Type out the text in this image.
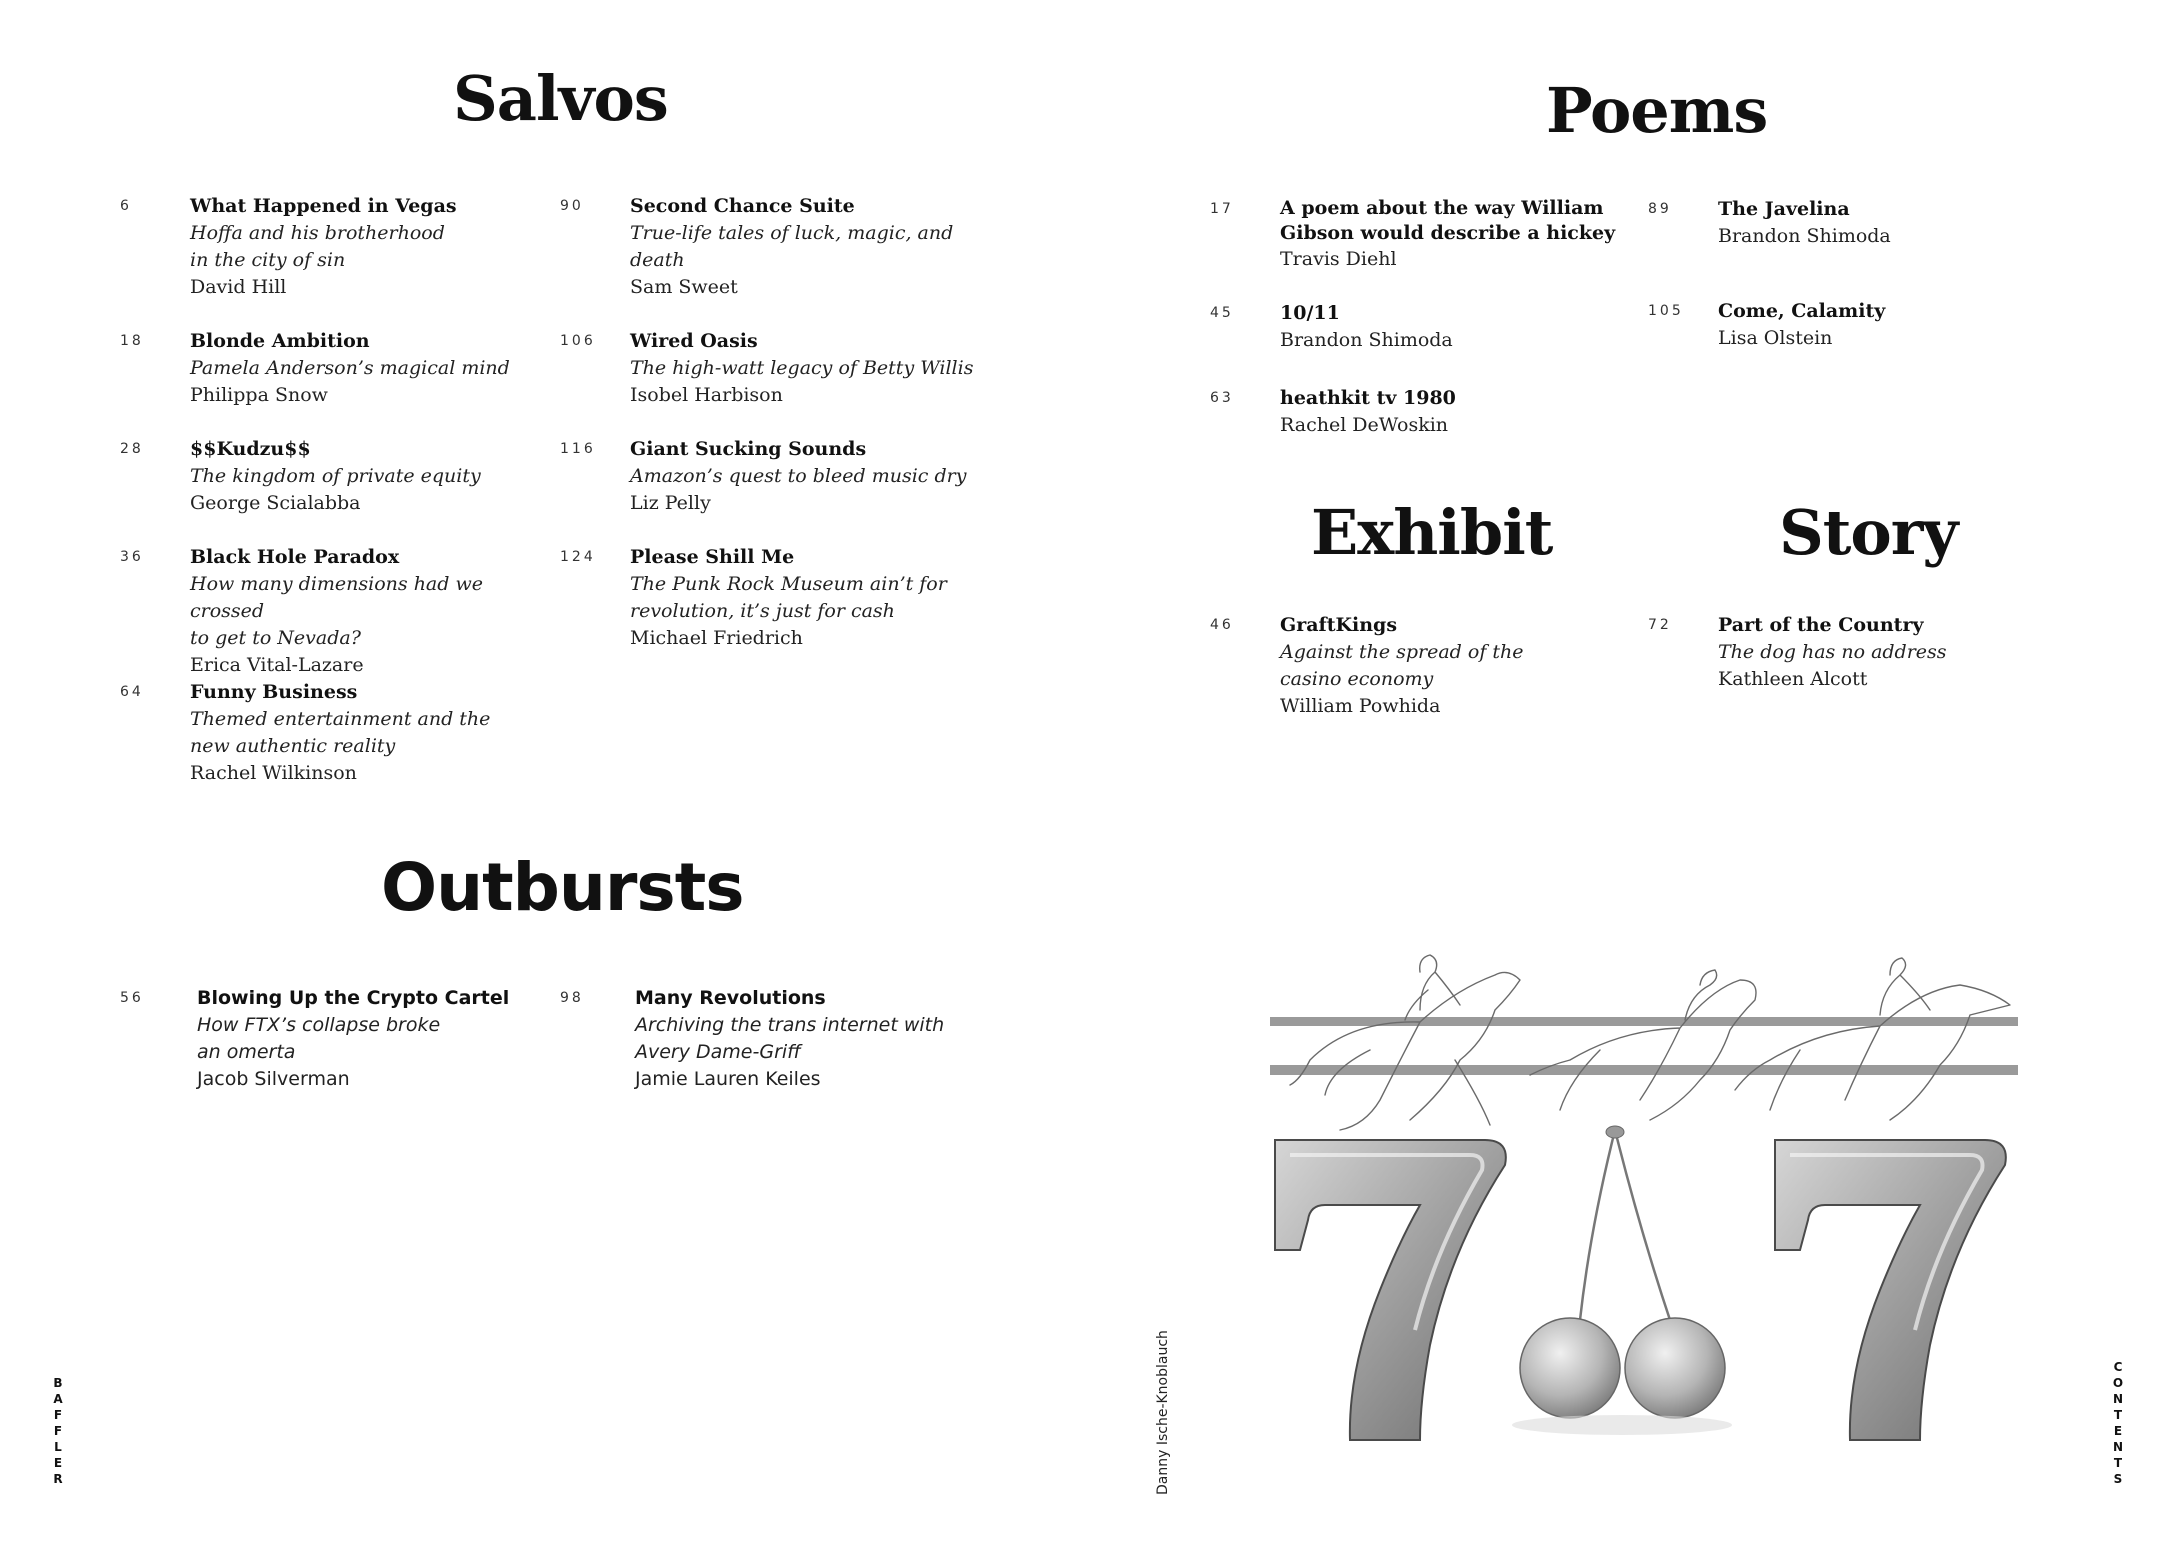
Salvos	Poems
Exhibit	Story
Outbursts
6	What Happened in Vegas
Hoffa and his brotherhood
in the city of sin
David Hill
18 Blonde Ambition
Pamela Anderson’s magical mind
Philippa Snow
28 $$Kudzu$$
The kingdom of private equity
George Scialabba
36 Black Hole Paradox
How many dimensions had we crossed
to get to Nevada?
Erica Vital-Lazare
64 Funny Business
Themed entertainment and the
new authentic reality
Rachel Wilkinson
90 Second Chance Suite
True-life tales of luck, magic, and death
Sam Sweet
106 Wired Oasis
The high-watt legacy of Betty Willis
Isobel Harbison
116 Giant Sucking Sounds
Amazon’s quest to bleed music dry
Liz Pelly
124 Please Shill Me
The Punk Rock Museum ain’t for
revolution, it’s just for cash
Michael Friedrich
56	Blowing Up the Crypto Cartel
How FTX’s collapse broke
an omerta
Jacob Silverman
98	Many Revolutions
Archiving the trans internet with
Avery Dame-Griff
Jamie Lauren Keiles
17 A poem about the way William
Gibson would describe a hickey
Travis Diehl
45 10/11
Brandon Shimoda
63 heathkit tv 1980
Rachel DeWoskin
89 The Javelina
Brandon Shimoda
105 Come, Calamity
Lisa Olstein
46 GraftKings
Against the spread of the
casino economy
William Powhida
72 Part of the Country
The dog has no address
Kathleen Alcott
B
A
F
F
L
E
R
C
O
N
T
E
N
T
S
Danny Ische-Knoblauch
